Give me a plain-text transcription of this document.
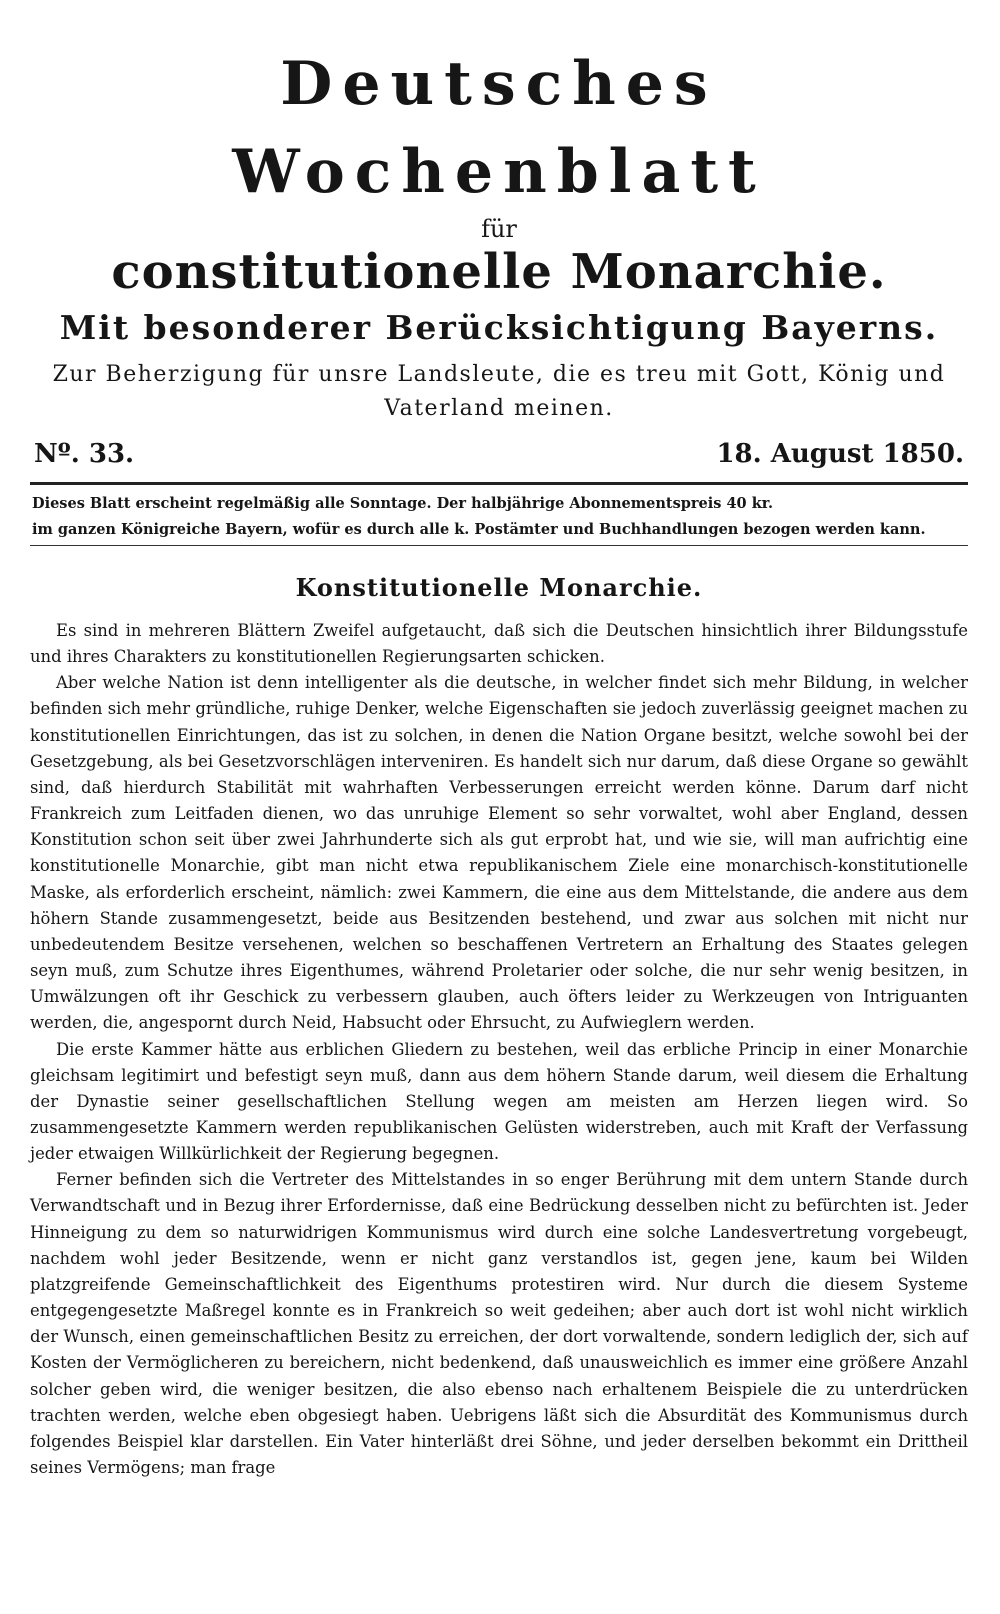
Deutsches Wochenblatt

für

constitutionelle Monarchie.
Mit besonderer Berücksichtigung Bayerns.

Zur Beherzigung für unsre Landsleute, die es treu mit Gott, König und Vaterland meinen.

Nº. 33.	18. August 1850.
Dieses Blatt erscheint regelmäßig alle Sonntage. Der halbjährige Abonnementspreis 40 kr.
im ganzen Königreiche Bayern, wofür es durch alle k. Postämter und Buchhandlungen bezogen werden kann.
Konstitutionelle Monarchie.

Es sind in mehreren Blättern Zweifel aufgetaucht, daß sich die Deutschen hinsichtlich ihrer Bildungsstufe und ihres Charakters zu konstitutionellen Regierungsarten schicken.

Aber welche Nation ist denn intelligenter als die deutsche, in welcher findet sich mehr Bildung, in welcher befinden sich mehr gründliche, ruhige Denker, welche Eigenschaften sie jedoch zuverlässig geeignet machen zu konstitutionellen Einrichtungen, das ist zu solchen, in denen die Nation Organe besitzt, welche sowohl bei der Gesetzgebung, als bei Gesetzvorschlägen interveniren. Es handelt sich nur darum, daß diese Organe so gewählt sind, daß hierdurch Stabilität mit wahrhaften Verbesserungen erreicht werden könne. Darum darf nicht Frankreich zum Leitfaden dienen, wo das unruhige Element so sehr vorwaltet, wohl aber England, dessen Konstitution schon seit über zwei Jahrhunderte sich als gut erprobt hat, und wie sie, will man aufrichtig eine konstitutionelle Monarchie, gibt man nicht etwa republikanischem Ziele eine monarchisch-konstitutionelle Maske, als erforderlich erscheint, nämlich: zwei Kammern, die eine aus dem Mittelstande, die andere aus dem höhern Stande zusammengesetzt, beide aus Besitzenden bestehend, und zwar aus solchen mit nicht nur unbedeutendem Besitze versehenen, welchen so beschaffenen Vertretern an Erhaltung des Staates gelegen seyn muß, zum Schutze ihres Eigenthumes, während Proletarier oder solche, die nur sehr wenig besitzen, in Umwälzungen oft ihr Geschick zu verbessern glauben, auch öfters leider zu Werkzeugen von Intriguanten werden, die, angespornt durch Neid, Habsucht oder Ehrsucht, zu Aufwieglern werden.

Die erste Kammer hätte aus erblichen Gliedern zu bestehen, weil das erbliche Princip in einer Monarchie gleichsam legitimirt und befestigt seyn muß, dann aus dem höhern Stande darum, weil diesem die Erhaltung der Dynastie seiner gesellschaftlichen Stellung wegen am meisten am Herzen liegen wird. So zusammengesetzte Kammern werden republikanischen Gelüsten widerstreben, auch mit Kraft der Verfassung jeder etwaigen Willkürlichkeit der Regierung begegnen.

Ferner befinden sich die Vertreter des Mittelstandes in so enger Berührung mit dem untern Stande durch Verwandtschaft und in Bezug ihrer Erfordernisse, daß eine Bedrückung desselben nicht zu befürchten ist. Jeder Hinneigung zu dem so naturwidrigen Kommunismus wird durch eine solche Landesvertretung vorgebeugt, nachdem wohl jeder Besitzende, wenn er nicht ganz verstandlos ist, gegen jene, kaum bei Wilden platzgreifende Gemeinschaftlichkeit des Eigenthums protestiren wird. Nur durch die diesem Systeme entgegengesetzte Maßregel konnte es in Frankreich so weit gedeihen; aber auch dort ist wohl nicht wirklich der Wunsch, einen gemeinschaftlichen Besitz zu erreichen, der dort vorwaltende, sondern lediglich der, sich auf Kosten der Vermöglicheren zu bereichern, nicht bedenkend, daß unausweichlich es immer eine größere Anzahl solcher geben wird, die weniger besitzen, die also ebenso nach erhaltenem Beispiele die zu unterdrücken trachten werden, welche eben obgesiegt haben. Uebrigens läßt sich die Absurdität des Kommunismus durch folgendes Beispiel klar darstellen. Ein Vater hinterläßt drei Söhne, und jeder derselben bekommt ein Drittheil seines Vermögens; man frage
